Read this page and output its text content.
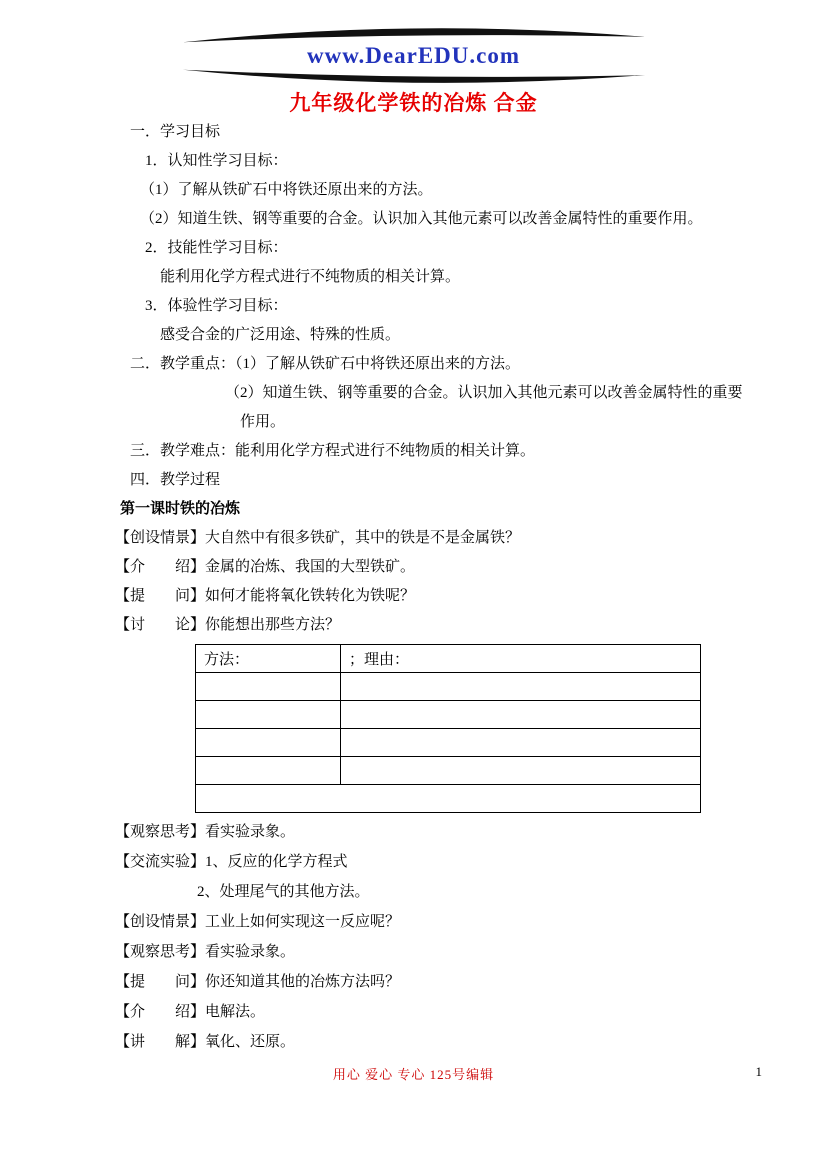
www.DearEDU.com
九年级化学铁的冶炼 合金
一．学习目标
1．认知性学习目标：
（1）了解从铁矿石中将铁还原出来的方法。
（2）知道生铁、钢等重要的合金。认识加入其他元素可以改善金属特性的重要作用。
2．技能性学习目标：
能利用化学方程式进行不纯物质的相关计算。
3．体验性学习目标：
感受合金的广泛用途、特殊的性质。
二．教学重点：（1）了解从铁矿石中将铁还原出来的方法。
（2）知道生铁、钢等重要的合金。认识加入其他元素可以改善金属特性的重要
作用。
三．教学难点：能利用化学方程式进行不纯物质的相关计算。
四．教学过程
第一课时铁的冶炼
【创设情景】大自然中有很多铁矿，其中的铁是不是金属铁？
【介　　绍】金属的冶炼、我国的大型铁矿。
【提　　问】如何才能将氧化铁转化为铁呢？
【讨　　论】你能想出那些方法？
方法：	；理由：

【观察思考】看实验录象。
【交流实验】1、反应的化学方程式
2、处理尾气的其他方法。
【创设情景】工业上如何实现这一反应呢？
【观察思考】看实验录象。
【提　　问】你还知道其他的冶炼方法吗？
【介　　绍】电解法。
【讲　　解】氧化、还原。
用心 爱心 专心 125号编辑	1
